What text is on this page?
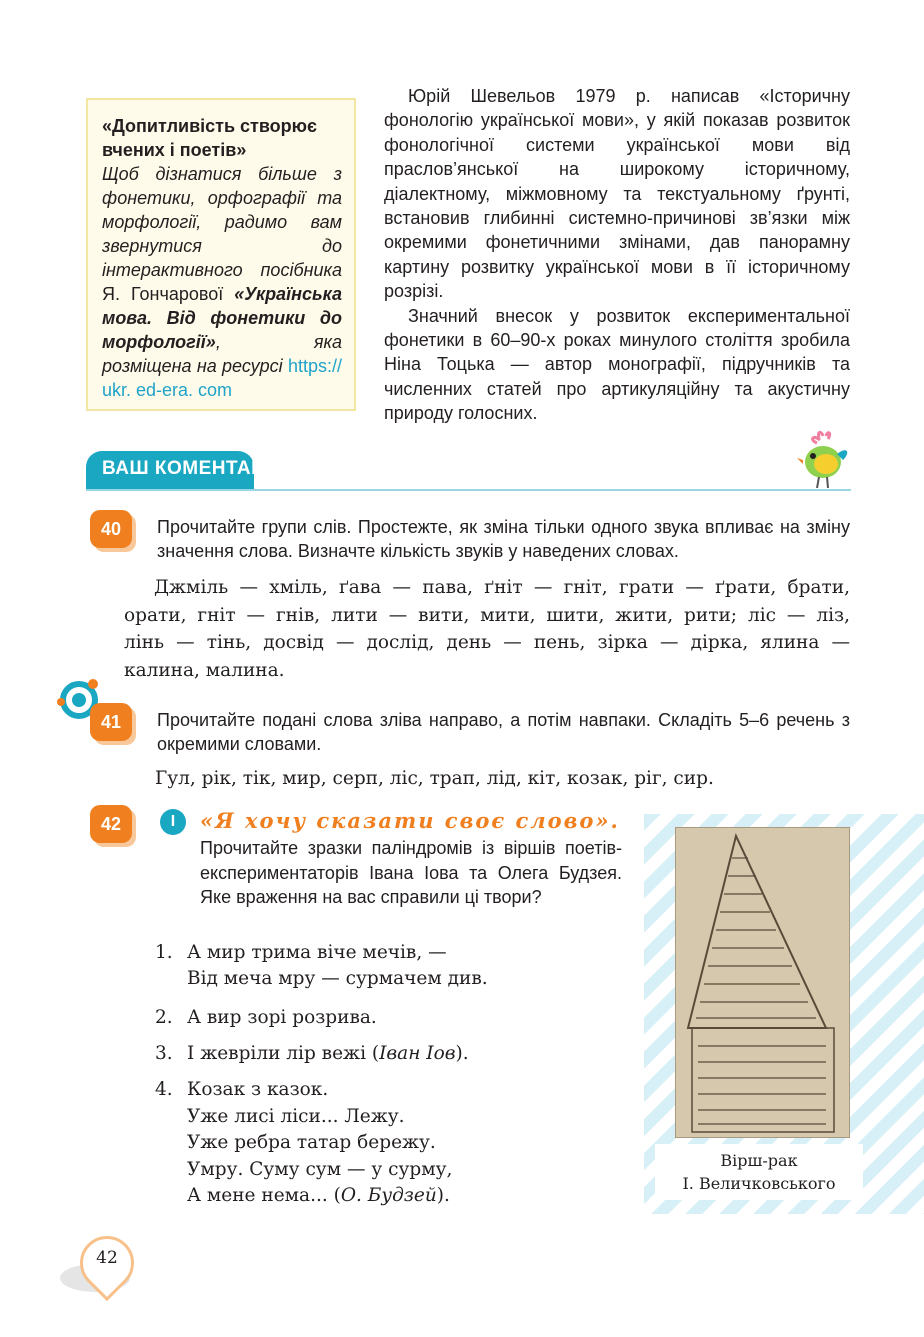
«Допитливість створює вчених і поетів»
Щоб дізнатися більше з фонетики, орфографії та морфології, радимо вам звернутися до інтерактивного посібника Я. Гончарової «Українська мова. Від фонетики до морфології», яка розміщена на ресурсі https:// ukr. ed-era. com

Юрій Шевельов 1979 р. написав «Історичну фонологію української мови», у якій показав розвиток фонологічної системи української мови від праслов’янської на широкому історичному, діалектному, міжмовному та текстуальному ґрунті, встановив глибинні системно-причинові зв’язки між окремими фонетичними змінами, дав панорамну картину розвитку української мови в її історичному розрізі.

Значний внесок у розвиток експериментальної фонетики в 60–90-х роках минулого століття зробила Ніна Тоцька — автор монографії, підручників та численних статей про артикуляційну та акустичну природу голосних.

ВАШ КОМЕНТАР
40	Прочитайте групи слів. Простежте, як зміна тільки одного звука впливає на зміну значення слова. Визначте кількість звуків у наведених словах.
Джміль — хміль, ґава — пава, ґніт — гніт, грати — ґрати, брати,
орати, гніт — гнів, лити — вити, мити, шити, жити, рити; ліс — ліз,
лінь — тінь, досвід — дослід, день — пень, зірка — дірка, ялина —
калина, малина.
41	Прочитайте подані слова зліва направо, а потім навпаки. Складіть 5–6 речень з окремими словами.
Гул, рік, тік, мир, серп, ліс, трап, лід, кіт, козак, ріг, сир.
42	І	«Я хочу сказати своє слово».
Прочитайте зразки паліндромів із віршів поетів-експериментаторів Івана Іова та Олега Будзея. Яке враження на вас справили ці твори?
1. А мир трима віче мечів, —
Від меча мру — сурмачем див.
2. А вир зорі розрива.
3. І жевріли лір вежі (Іван Іов).
4. Козак з казок.
Уже лисі ліси... Лежу.
Уже ребра татар бережу.
Умру. Суму сум — у сурму,
А мене нема... (О. Будзей).
Вірш-рак
І. Величковського
42
